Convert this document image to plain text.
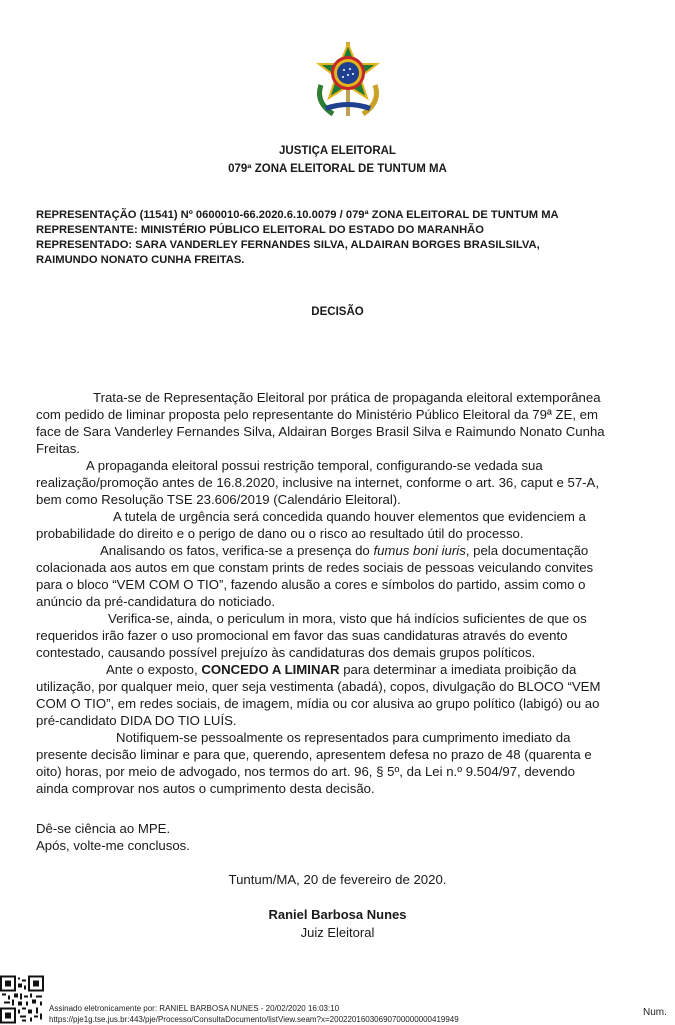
JUSTIÇA ELEITORAL
079ª ZONA ELEITORAL DE TUNTUM MA
REPRESENTAÇÃO (11541) Nº 0600010-66.2020.6.10.0079 / 079ª ZONA ELEITORAL DE TUNTUM MA
REPRESENTANTE: MINISTÉRIO PÚBLICO ELEITORAL DO ESTADO DO MARANHÃO
REPRESENTADO: SARA VANDERLEY FERNANDES SILVA, ALDAIRAN BORGES BRASILSILVA,
RAIMUNDO NONATO CUNHA FREITAS.
DECISÃO
Trata-se de Representação Eleitoral por prática de propaganda eleitoral extemporânea
com pedido de liminar proposta pelo representante do Ministério Público Eleitoral da 79ª ZE, em
face de Sara Vanderley Fernandes Silva, Aldairan Borges Brasil Silva e Raimundo Nonato Cunha
Freitas.
A propaganda eleitoral possui restrição temporal, configurando-se vedada sua
realização/promoção antes de 16.8.2020, inclusive na internet, conforme o art. 36, caput e 57-A,
bem como Resolução TSE 23.606/2019 (Calendário Eleitoral).
A tutela de urgência será concedida quando houver elementos que evidenciem a
probabilidade do direito e o perigo de dano ou o risco ao resultado útil do processo.
Analisando os fatos, verifica-se a presença do fumus boni iuris, pela documentação
colacionada aos autos em que constam prints de redes sociais de pessoas veiculando convites
para o bloco “VEM COM O TIO”, fazendo alusão a cores e símbolos do partido, assim como o
anúncio da pré-candidatura do noticiado.
Verifica-se, ainda, o periculum in mora, visto que há indícios suficientes de que os
requeridos irão fazer o uso promocional em favor das suas candidaturas através do evento
contestado, causando possível prejuízo às candidaturas dos demais grupos políticos.
Ante o exposto, CONCEDO A LIMINAR para determinar a imediata proibição da
utilização, por qualquer meio, quer seja vestimenta (abadá), copos, divulgação do BLOCO “VEM
COM O TIO”, em redes sociais, de imagem, mídia ou cor alusiva ao grupo político (labigó) ou ao
pré-candidato DIDA DO TIO LUÍS.
Notifiquem-se pessoalmente os representados para cumprimento imediato da
presente decisão liminar e para que, querendo, apresentem defesa no prazo de 48 (quarenta e
oito) horas, por meio de advogado, nos termos do art. 96, § 5º, da Lei n.º 9.504/97, devendo
ainda comprovar nos autos o cumprimento desta decisão.
Dê-se ciência ao MPE.
Após, volte-me conclusos.
Tuntum/MA, 20 de fevereiro de 2020.
Raniel Barbosa Nunes
Juiz Eleitoral
Assinado eletronicamente por: RANIEL BARBOSA NUNES - 20/02/2020 16:03:10
https://pje1g.tse.jus.br:443/pje/Processo/ConsultaDocumento/listView.seam?x=20022016030690700000000419949
Num.
